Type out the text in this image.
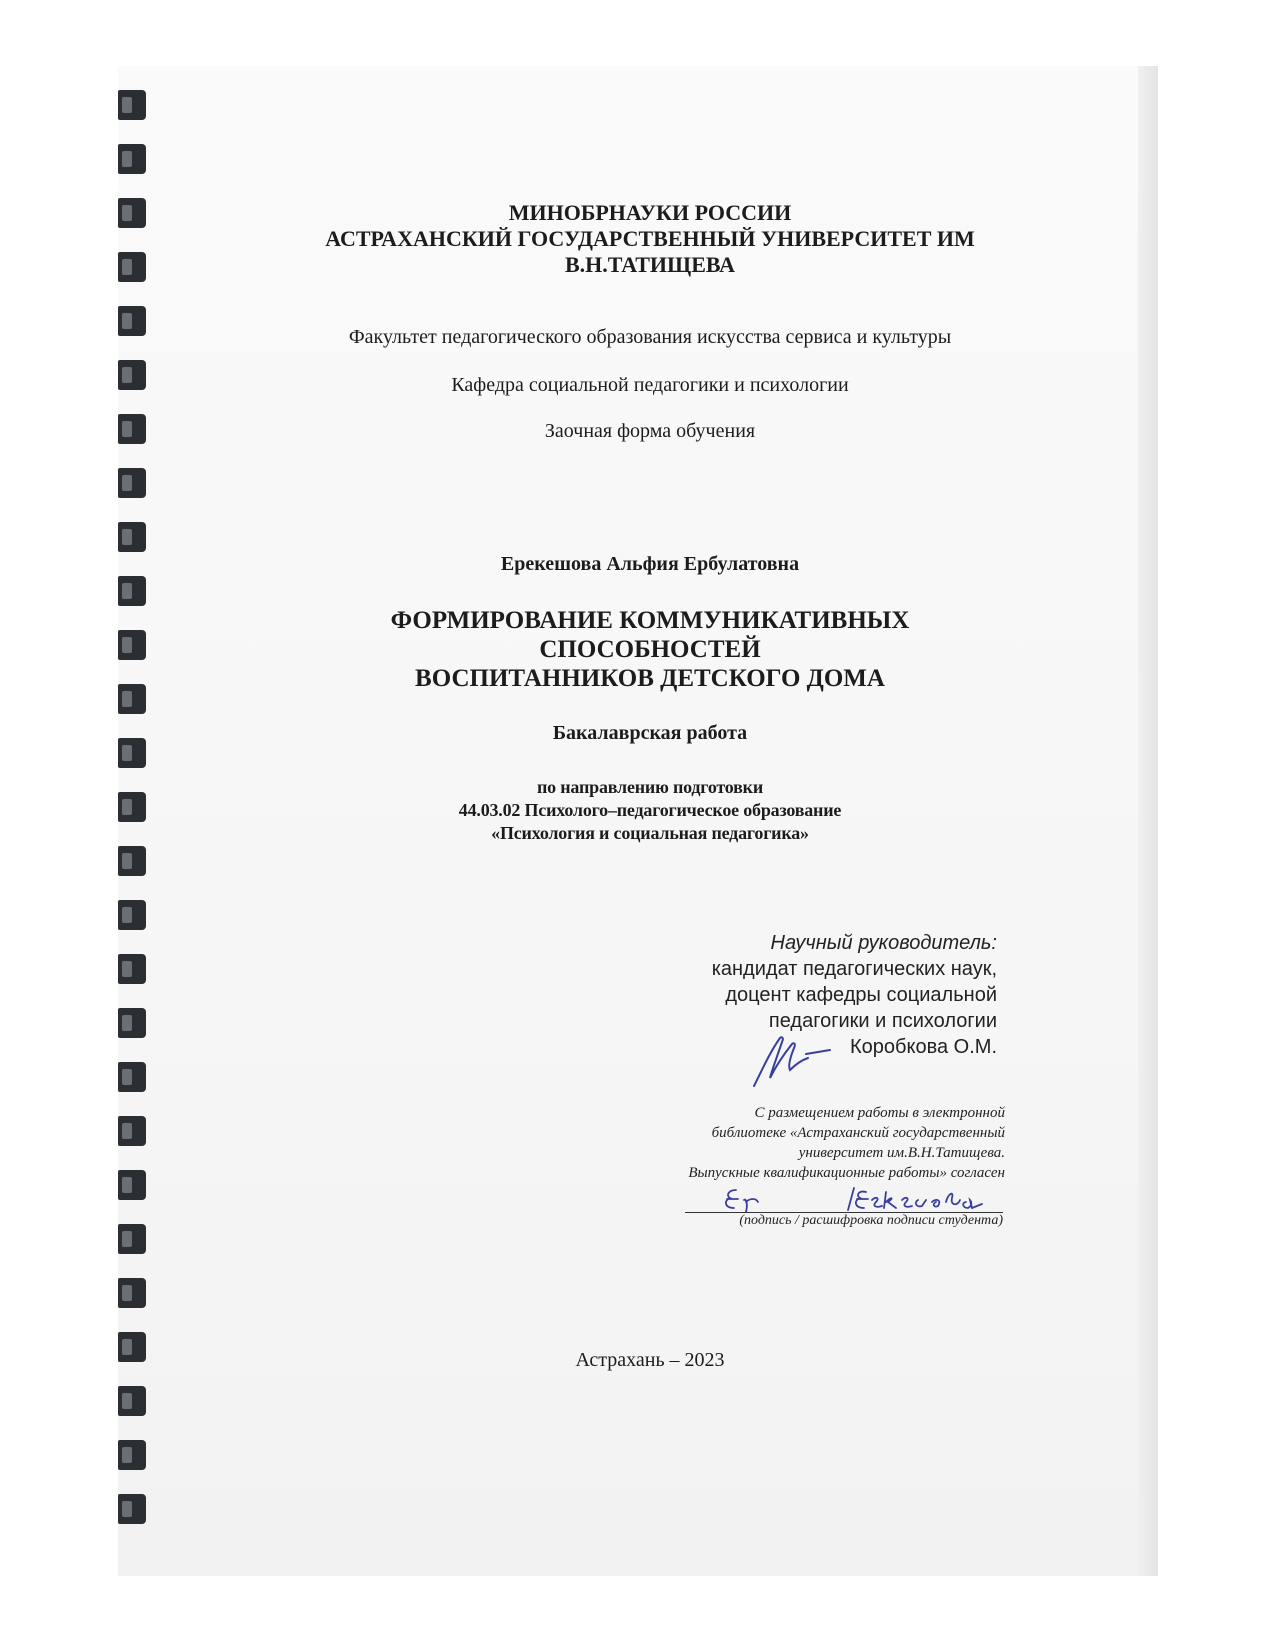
МИНОБРНАУКИ РОССИИ
АСТРАХАНСКИЙ ГОСУДАРСТВЕННЫЙ УНИВЕРСИТЕТ ИМ
В.Н.ТАТИЩЕВА
Факультет педагогического образования искусства сервиса и культуры
Кафедра социальной педагогики и психологии
Заочная форма обучения
Ерекешова Альфия Ербулатовна
ФОРМИРОВАНИЕ КОММУНИКАТИВНЫХ
СПОСОБНОСТЕЙ
ВОСПИТАННИКОВ ДЕТСКОГО ДОМА
Бакалаврская работа
по направлению подготовки
44.03.02 Психолого–педагогическое образование
«Психология и социальная педагогика»
Научный руководитель:
кандидат педагогических наук,
доцент кафедры социальной
педагогики и психологии
Коробкова О.М.
С размещением работы в электронной
библиотеке «Астраханский государственный
университет им.В.Н.Татищева.
Выпускные квалификационные работы» согласен
(подпись / расшифровка подписи студента)
Астрахань – 2023
